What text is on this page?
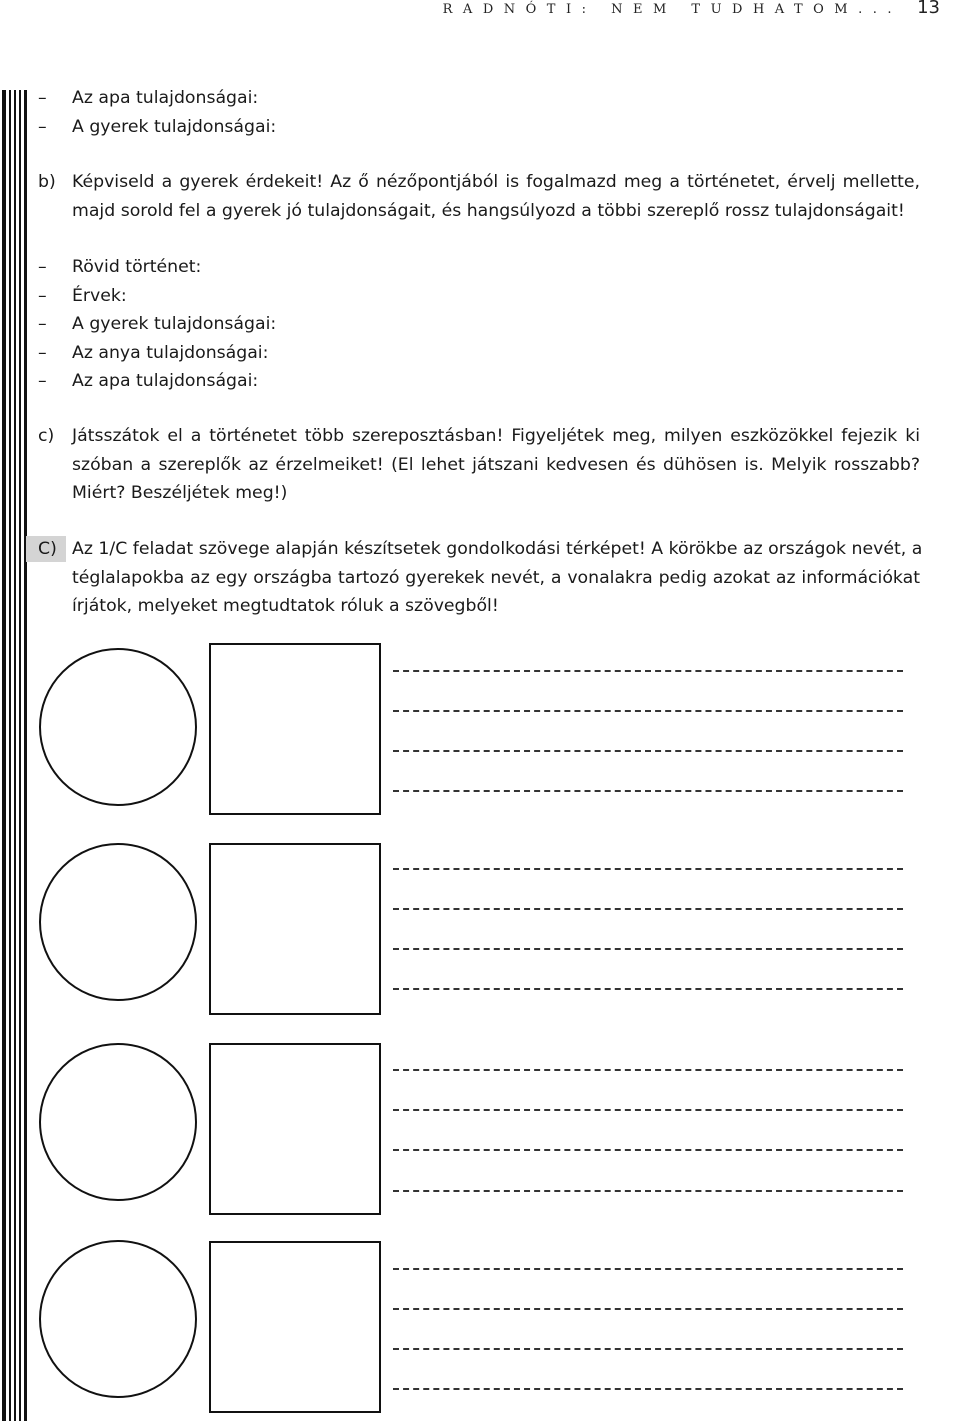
RADNÓTI: NEM TUDHATOM... 13
– Az apa tulajdonságai:
– A gyerek tulajdonságai:
b) Képviseld a gyerek érdekeit! Az ő nézőpontjából is fogalmazd meg a történetet, érvelj mellette,
majd sorold fel a gyerek jó tulajdonságait, és hangsúlyozd a többi szereplő rossz tulajdonságait!
– Rövid történet:
– Érvek:
– A gyerek tulajdonságai:
– Az anya tulajdonságai:
– Az apa tulajdonságai:
c) Játsszátok el a történetet több szereposztásban! Figyeljétek meg, milyen eszközökkel fejezik ki
szóban a szereplők az érzelmeiket! (El lehet játszani kedvesen és dühösen is. Melyik rosszabb?
Miért? Beszéljétek meg!)
C) Az 1/C feladat szövege alapján készítsetek gondolkodási térképet! A körökbe az országok nevét, a
téglalapokba az egy országba tartozó gyerekek nevét, a vonalakra pedig azokat az információkat
írjátok, melyeket megtudtatok róluk a szövegből!
